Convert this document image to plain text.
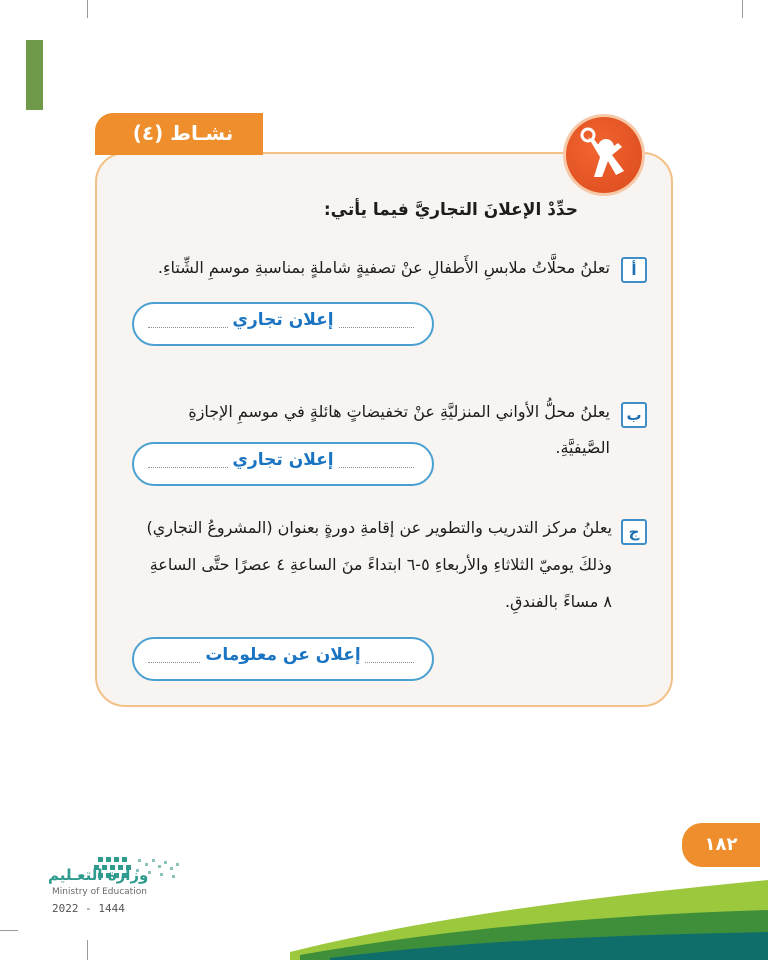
نشـاط (٤)
حدِّدْ الإعلانَ التجاريَّ فيما يأتي:
أ
تعلنُ محلَّاتُ ملابسِ الأَطفالِ عنْ تصفيةٍ شاملةٍ بمناسبةِ موسمِ الشِّتاءِ.
إعلان تجاري
ب
يعلنُ محلُّ الأواني المنزليَّةِ عنْ تخفيضاتٍ هائلةٍ في موسمِ الإجازةِ الصَّيفيَّةِ.
إعلان تجاري
ج
يعلنُ مركز التدريب والتطوير عن إقامةِ دورةٍ بعنوان (المشروعُ التجاري)
وذلكَ يوميّ الثلاثاءِ والأربعاءِ ٥-٦ ابتداءً منَ الساعةِ ٤ عصرًا حتَّى الساعةِ
٨ مساءً بالفندقِ.
إعلان عن معلومات
وزارة التعـليم
Ministry of Education
2022 - 1444
١٨٢
